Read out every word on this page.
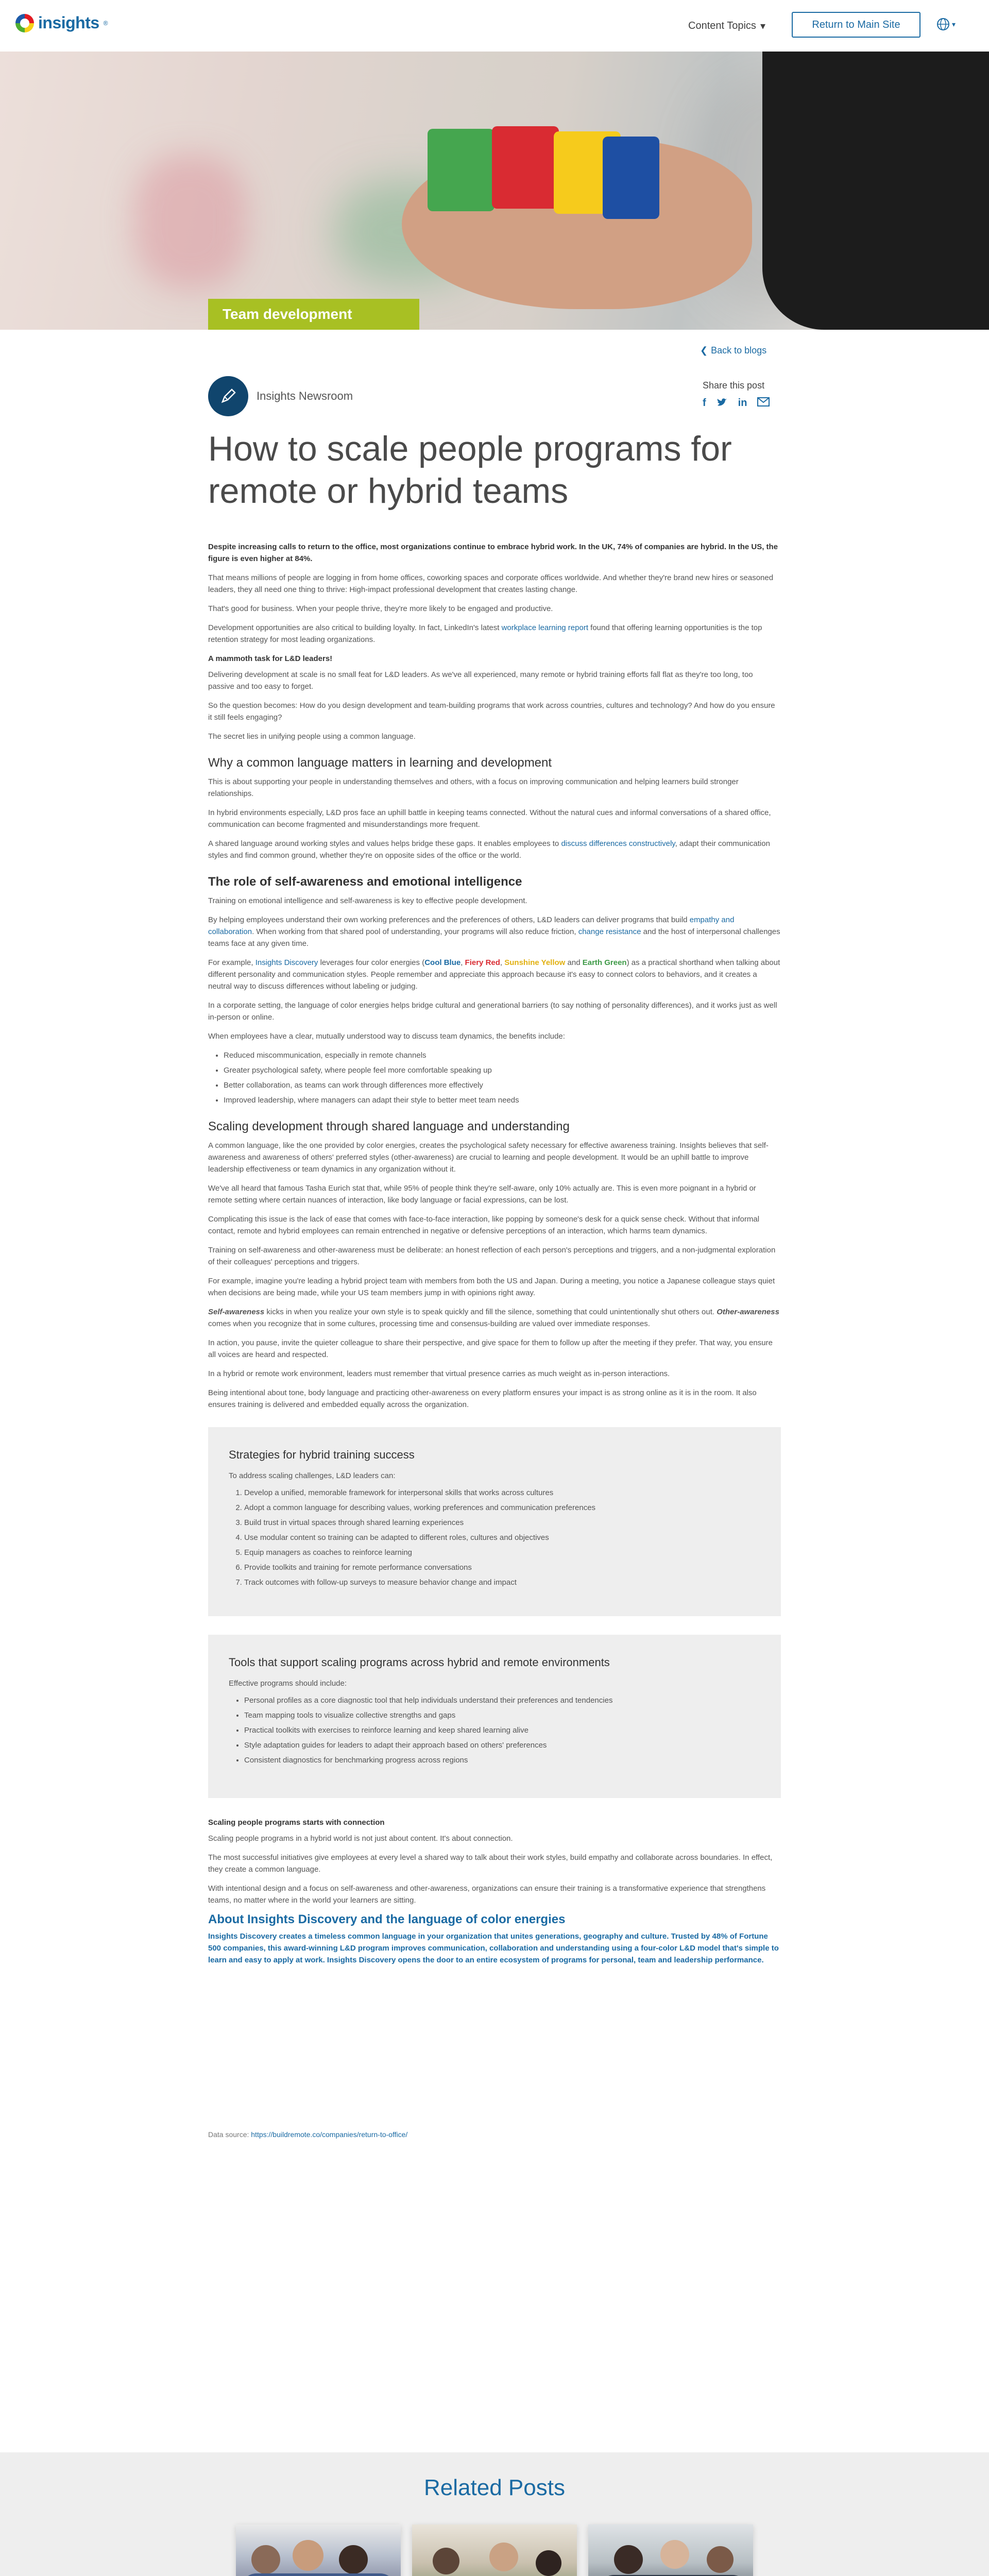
insights ®	Content Topics ▾	Return to Main Site	▾
Team development
❮ Back to blogs
Insights Newsroom
Share this post
f	in
How to scale people programs for remote or hybrid teams

Despite increasing calls to return to the office, most organizations continue to embrace hybrid work. In the UK, 74% of companies are hybrid. In the US, the figure is even higher at 84%.

That means millions of people are logging in from home offices, coworking spaces and corporate offices worldwide. And whether they're brand new hires or seasoned leaders, they all need one thing to thrive: High-impact professional development that creates lasting change.

That's good for business. When your people thrive, they're more likely to be engaged and productive.

Development opportunities are also critical to building loyalty. In fact, LinkedIn's latest workplace learning report found that offering learning opportunities is the top retention strategy for most leading organizations.

A mammoth task for L&D leaders!

Delivering development at scale is no small feat for L&D leaders. As we've all experienced, many remote or hybrid training efforts fall flat as they're too long, too passive and too easy to forget.

So the question becomes: How do you design development and team-building programs that work across countries, cultures and technology? And how do you ensure it still feels engaging?

The secret lies in unifying people using a common language.

Why a common language matters in learning and development

This is about supporting your people in understanding themselves and others, with a focus on improving communication and helping learners build stronger relationships.

In hybrid environments especially, L&D pros face an uphill battle in keeping teams connected. Without the natural cues and informal conversations of a shared office, communication can become fragmented and misunderstandings more frequent.

A shared language around working styles and values helps bridge these gaps. It enables employees to discuss differences constructively, adapt their communication styles and find common ground, whether they're on opposite sides of the office or the world.

The role of self-awareness and emotional intelligence

Training on emotional intelligence and self-awareness is key to effective people development.

By helping employees understand their own working preferences and the preferences of others, L&D leaders can deliver programs that build empathy and collaboration. When working from that shared pool of understanding, your programs will also reduce friction, change resistance and the host of interpersonal challenges teams face at any given time.

For example, Insights Discovery leverages four color energies (Cool Blue, Fiery Red, Sunshine Yellow and Earth Green) as a practical shorthand when talking about different personality and communication styles. People remember and appreciate this approach because it's easy to connect colors to behaviors, and it creates a neutral way to discuss differences without labeling or judging.

In a corporate setting, the language of color energies helps bridge cultural and generational barriers (to say nothing of personality differences), and it works just as well in-person or online.

When employees have a clear, mutually understood way to discuss team dynamics, the benefits include:

• Reduced miscommunication, especially in remote channels
• Greater psychological safety, where people feel more comfortable speaking up
• Better collaboration, as teams can work through differences more effectively
• Improved leadership, where managers can adapt their style to better meet team needs
Scaling development through shared language and understanding

A common language, like the one provided by color energies, creates the psychological safety necessary for effective awareness training. Insights believes that self-awareness and awareness of others' preferred styles (other-awareness) are crucial to learning and people development. It would be an uphill battle to improve leadership effectiveness or team dynamics in any organization without it.

We've all heard that famous Tasha Eurich stat that, while 95% of people think they're self-aware, only 10% actually are. This is even more poignant in a hybrid or remote setting where certain nuances of interaction, like body language or facial expressions, can be lost.

Complicating this issue is the lack of ease that comes with face-to-face interaction, like popping by someone's desk for a quick sense check. Without that informal contact, remote and hybrid employees can remain entrenched in negative or defensive perceptions of an interaction, which harms team dynamics.

Training on self-awareness and other-awareness must be deliberate: an honest reflection of each person's perceptions and triggers, and a non-judgmental exploration of their colleagues' perceptions and triggers.

For example, imagine you're leading a hybrid project team with members from both the US and Japan. During a meeting, you notice a Japanese colleague stays quiet when decisions are being made, while your US team members jump in with opinions right away.

Self-awareness kicks in when you realize your own style is to speak quickly and fill the silence, something that could unintentionally shut others out. Other-awareness comes when you recognize that in some cultures, processing time and consensus-building are valued over immediate responses.

In action, you pause, invite the quieter colleague to share their perspective, and give space for them to follow up after the meeting if they prefer. That way, you ensure all voices are heard and respected.

In a hybrid or remote work environment, leaders must remember that virtual presence carries as much weight as in-person interactions.

Being intentional about tone, body language and practicing other-awareness on every platform ensures your impact is as strong online as it is in the room. It also ensures training is delivered and embedded equally across the organization.

Strategies for hybrid training success

To address scaling challenges, L&D leaders can:

1. Develop a unified, memorable framework for interpersonal skills that works across cultures
2. Adopt a common language for describing values, working preferences and communication preferences
3. Build trust in virtual spaces through shared learning experiences
4. Use modular content so training can be adapted to different roles, cultures and objectives
5. Equip managers as coaches to reinforce learning
6. Provide toolkits and training for remote performance conversations
7. Track outcomes with follow-up surveys to measure behavior change and impact
Tools that support scaling programs across hybrid and remote environments

Effective programs should include:

• Personal profiles as a core diagnostic tool that help individuals understand their preferences and tendencies
• Team mapping tools to visualize collective strengths and gaps
• Practical toolkits with exercises to reinforce learning and keep shared learning alive
• Style adaptation guides for leaders to adapt their approach based on others' preferences
• Consistent diagnostics for benchmarking progress across regions

Scaling people programs starts with connection

Scaling people programs in a hybrid world is not just about content. It's about connection.

The most successful initiatives give employees at every level a shared way to talk about their work styles, build empathy and collaborate across boundaries. In effect, they create a common language.

With intentional design and a focus on self-awareness and other-awareness, organizations can ensure their training is a transformative experience that strengthens teams, no matter where in the world your learners are sitting.

About Insights Discovery and the language of color energies

Insights Discovery creates a timeless common language in your organization that unites generations, geography and culture. Trusted by 48% of Fortune 500 companies, this award-winning L&D program improves communication, collaboration and understanding using a four-color L&D model that's simple to learn and easy to apply at work. Insights Discovery opens the door to an entire ecosystem of programs for personal, team and leadership performance.

Data source: https://buildremote.co/companies/return-to-office/

Related Posts
